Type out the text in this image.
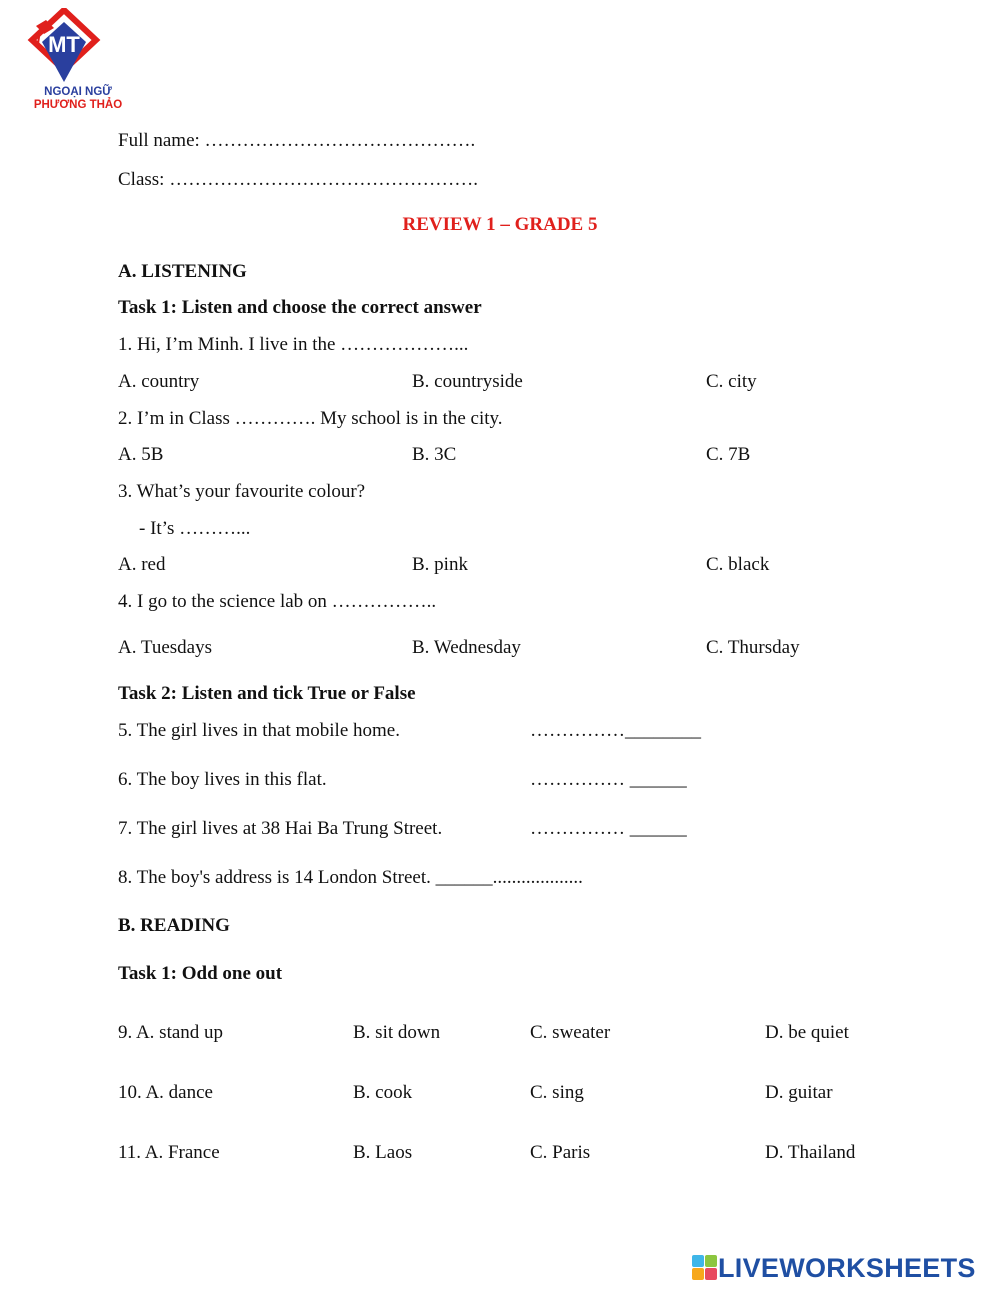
MT
NGOẠI NGỮ
PHƯƠNG THẢO
Full name: …………………………………….
Class: ………………………………………….
REVIEW 1 – GRADE 5
A. LISTENING
Task 1: Listen and choose the correct answer
1. Hi, I’m Minh. I live in the ………………...
A. country	B. countryside	C. city
2. I’m in Class …………. My school is in the city.
A. 5B	B. 3C	C. 7B
3. What’s your favourite colour?
- It’s ………...
A. red	B. pink	C. black
4. I go to the science lab on ……………..
A. Tuesdays	B. Wednesday	C. Thursday
Task 2: Listen and tick True or False
5. The girl lives in that mobile home.	……………________
6. The boy lives in this flat.	…………… ______
7. The girl lives at 38 Hai Ba Trung Street.	…………… ______
8. The boy's address is 14 London Street. ______...................
B. READING
Task 1: Odd one out
9. A. stand up	B. sit down	C. sweater	D. be quiet
10. A. dance	B. cook	C. sing	D. guitar
11. A. France	B. Laos	C. Paris	D. Thailand
LIVEWORKSHEETS
